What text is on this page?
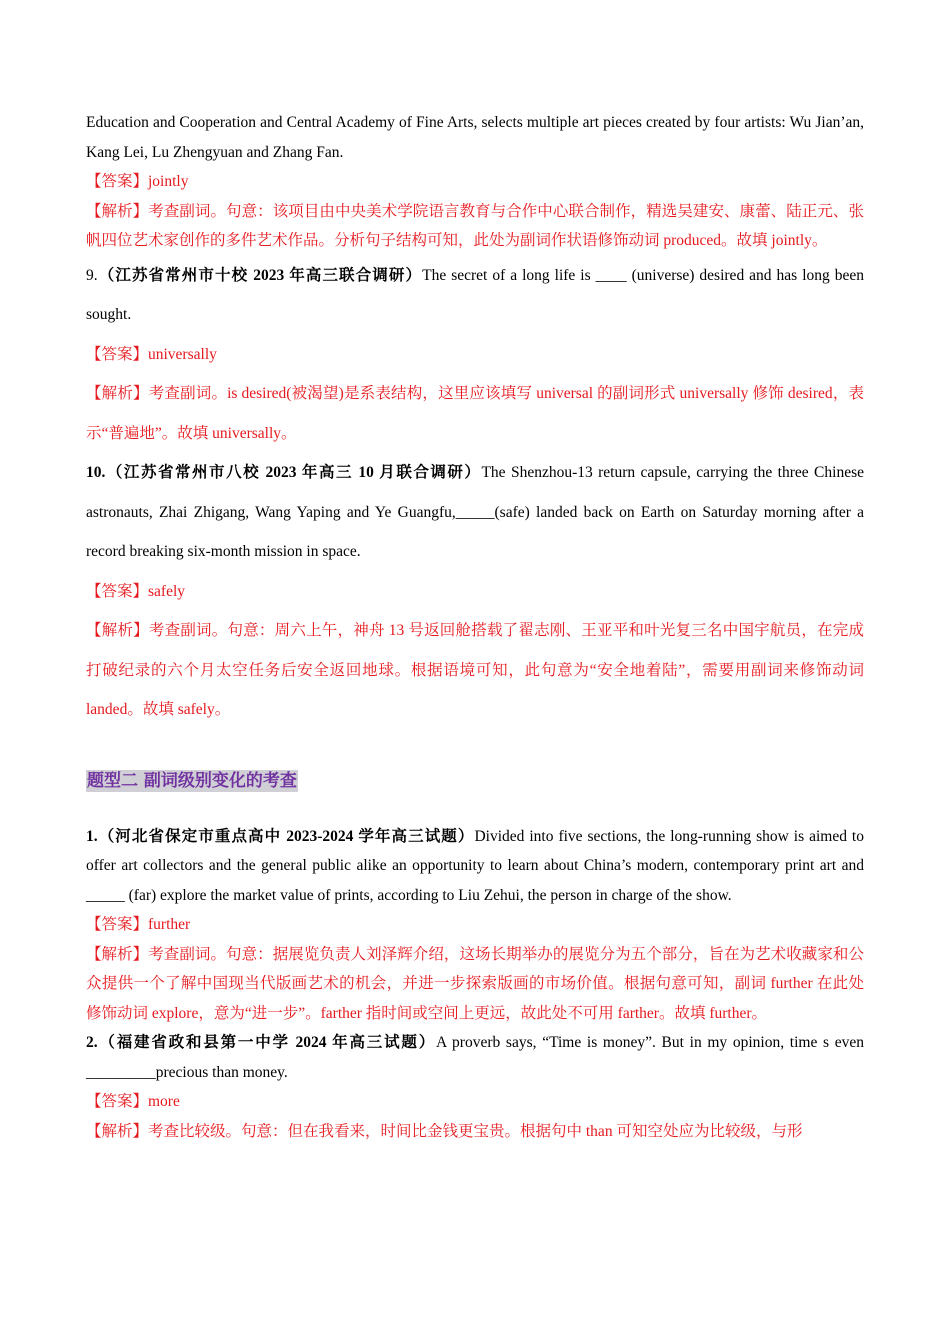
Education and Cooperation and Central Academy of Fine Arts, selects multiple art pieces created by four artists: Wu Jian’an, Kang Lei, Lu Zhengyuan and Zhang Fan.

【答案】jointly

【解析】考查副词。句意：该项目由中央美术学院语言教育与合作中心联合制作，精选吴建安、康蕾、陆正元、张帆四位艺术家创作的多件艺术作品。分析句子结构可知，此处为副词作状语修饰动词 produced。故填 jointly。

9.（江苏省常州市十校 2023 年高三联合调研）The secret of a long life is ____ (universe) desired and has long been sought.

【答案】universally

【解析】考查副词。is desired(被渴望)是系表结构，这里应该填写 universal 的副词形式 universally 修饰 desired，表示“普遍地”。故填 universally。

10.（江苏省常州市八校 2023 年高三 10 月联合调研）The Shenzhou-13 return capsule, carrying the three Chinese astronauts, Zhai Zhigang, Wang Yaping and Ye Guangfu,_____(safe) landed back on Earth on Saturday morning after a record breaking six-month mission in space.

【答案】safely

【解析】考查副词。句意：周六上午，神舟 13 号返回舱搭载了翟志刚、王亚平和叶光复三名中国宇航员，在完成打破纪录的六个月太空任务后安全返回地球。根据语境可知，此句意为“安全地着陆”，需要用副词来修饰动词 landed。故填 safely。

题型二 副词级别变化的考查

1.（河北省保定市重点高中 2023-2024 学年高三试题）Divided into five sections, the long-running show is aimed to offer art collectors and the general public alike an opportunity to learn about China’s modern, contemporary print art and _____ (far) explore the market value of prints, according to Liu Zehui, the person in charge of the show.

【答案】further

【解析】考查副词。句意：据展览负责人刘泽辉介绍，这场长期举办的展览分为五个部分，旨在为艺术收藏家和公众提供一个了解中国现当代版画艺术的机会，并进一步探索版画的市场价值。根据句意可知，副词 further 在此处修饰动词 explore，意为“进一步”。farther 指时间或空间上更远，故此处不可用 farther。故填 further。

2.（福建省政和县第一中学 2024 年高三试题）A proverb says, “Time is money”. But in my opinion, time s even _________precious than money.

【答案】more

【解析】考查比较级。句意：但在我看来，时间比金钱更宝贵。根据句中 than 可知空处应为比较级，与形
